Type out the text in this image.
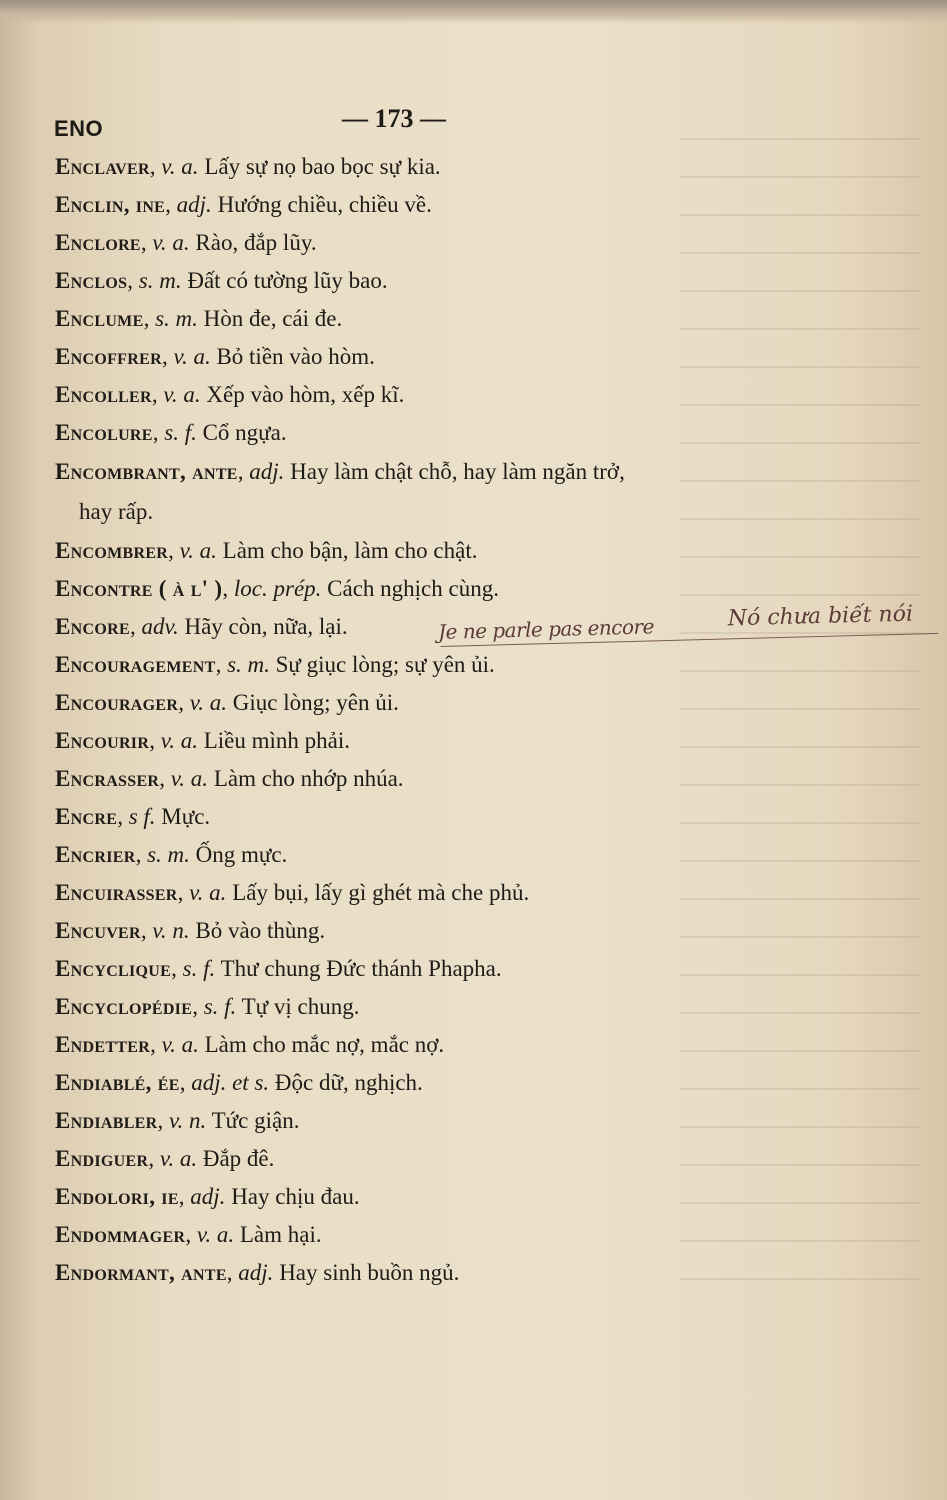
ENO	— 173 —
Enclaver, v. a. Lấy sự nọ bao bọc sự kia.
Enclin, ine, adj. Hướng chiều, chiều về.
Enclore, v. a. Rào, đắp lũy.
Enclos, s. m. Đất có tường lũy bao.
Enclume, s. m. Hòn đe, cái đe.
Encoffrer, v. a. Bỏ tiền vào hòm.
Encoller, v. a. Xếp vào hòm, xếp kĩ.
Encolure, s. f. Cổ ngựa.
Encombrant, ante, adj. Hay làm chật chỗ, hay làm ngăn trở,
hay rấp.
Encombrer, v. a. Làm cho bận, làm cho chật.
Encontre ( à l' ), loc. prép. Cách nghịch cùng.
Encore, adv. Hãy còn, nữa, lại.
Encouragement, s. m. Sự giục lòng; sự yên ủi.
Encourager, v. a. Giục lòng; yên ủi.
Encourir, v. a. Liều mình phải.
Encrasser, v. a. Làm cho nhớp nhúa.
Encre, s f. Mực.
Encrier, s. m. Ống mực.
Encuirasser, v. a. Lấy bụi, lấy gì ghét mà che phủ.
Encuver, v. n. Bỏ vào thùng.
Encyclique, s. f. Thư chung Đức thánh Phapha.
Encyclopédie, s. f. Tự vị chung.
Endetter, v. a. Làm cho mắc nợ, mắc nợ.
Endiablé, ée, adj. et s. Độc dữ, nghịch.
Endiabler, v. n. Tức giận.
Endiguer, v. a. Đắp đê.
Endolori, ie, adj. Hay chịu đau.
Endommager, v. a. Làm hại.
Endormant, ante, adj. Hay sinh buồn ngủ.
Je ne parle pas encore	Nó chưa biết nói
